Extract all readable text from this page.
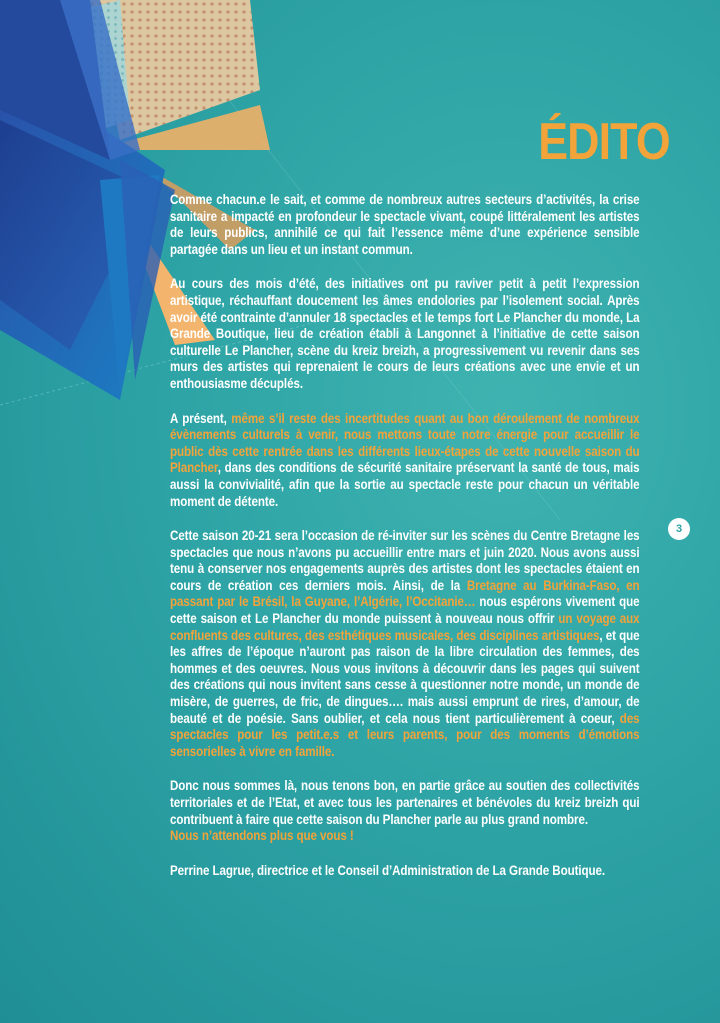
ÉDITO
3

Comme chacun.e le sait, et comme de nombreux autres secteurs d’activités, la crise sanitaire a impacté en profondeur le spectacle vivant, coupé littéralement les artistes de leurs publics, annihilé ce qui fait l’essence même d’une expérience sensible partagée dans un lieu et un instant commun.

Au cours des mois d’été, des initiatives ont pu raviver petit à petit l’expression artistique, réchauffant doucement les âmes endolories par l’isolement social. Après avoir été contrainte d’annuler 18 spectacles et le temps fort Le Plancher du monde, La Grande Boutique, lieu de création établi à Langonnet à l’initiative de cette saison culturelle Le Plancher, scène du kreiz breizh, a progressivement vu revenir dans ses murs des artistes qui reprenaient le cours de leurs créations avec une envie et un enthousiasme décuplés.

A présent, même s’il reste des incertitudes quant au bon déroulement de nombreux évènements culturels à venir, nous mettons toute notre énergie pour accueillir le public dès cette rentrée dans les différents lieux-étapes de cette nouvelle saison du Plancher, dans des conditions de sécurité sanitaire préservant la santé de tous, mais aussi la convivialité, afin que la sortie au spectacle reste pour chacun un véritable moment de détente.

Cette saison 20-21 sera l’occasion de ré-inviter sur les scènes du Centre Bretagne les spectacles que nous n’avons pu accueillir entre mars et juin 2020. Nous avons aussi tenu à conserver nos engagements auprès des artistes dont les spectacles étaient en cours de création ces derniers mois. Ainsi, de la Bretagne au Burkina-Faso, en passant par le Brésil, la Guyane, l’Algérie, l’Occitanie… nous espérons vivement que cette saison et Le Plancher du monde puissent à nouveau nous offrir un voyage aux confluents des cultures, des esthétiques musicales, des disciplines artistiques, et que les affres de l’époque n’auront pas raison de la libre circulation des femmes, des hommes et des oeuvres. Nous vous invitons à découvrir dans les pages qui suivent des créations qui nous invitent sans cesse à questionner notre monde, un monde de misère, de guerres, de fric, de dingues…. mais aussi emprunt de rires, d’amour, de beauté et de poésie. Sans oublier, et cela nous tient particulièrement à coeur, des spectacles pour les petit.e.s et leurs parents, pour des moments d’émotions sensorielles à vivre en famille.

Donc nous sommes là, nous tenons bon, en partie grâce au soutien des collectivités territoriales et de l’Etat, et avec tous les partenaires et bénévoles du kreiz breizh qui contribuent à faire que cette saison du Plancher parle au plus grand nombre.
Nous n’attendons plus que vous !

Perrine Lagrue, directrice et le Conseil d’Administration de La Grande Boutique.
